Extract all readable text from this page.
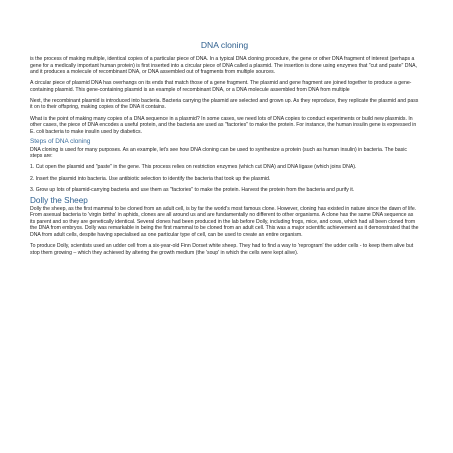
DNA cloning

is the process of making multiple, identical copies of a particular piece of DNA. In a typical DNA cloning procedure, the gene or other DNA fragment of interest (perhaps a gene for a medically important human protein) is first inserted into a circular piece of DNA called a plasmid. The insertion is done using enzymes that "cut and paste" DNA, and it produces a molecule of recombinant DNA, or DNA assembled out of fragments from multiple sources.

A circular piece of plasmid DNA has overhangs on its ends that match those of a gene fragment. The plasmid and gene fragment are joined together to produce a gene-containing plasmid. This gene-containing plasmid is an example of recombinant DNA, or a DNA molecule assembled from DNA from multiple

Next, the recombinant plasmid is introduced into bacteria. Bacteria carrying the plasmid are selected and grown up. As they reproduce, they replicate the plasmid and pass it on to their offspring, making copies of the DNA it contains.

What is the point of making many copies of a DNA sequence in a plasmid? In some cases, we need lots of DNA copies to conduct experiments or build new plasmids. In other cases, the piece of DNA encodes a useful protein, and the bacteria are used as "factories" to make the protein. For instance, the human insulin gene is expressed in E. coli bacteria to make insulin used by diabetics.

Steps of DNA cloning

DNA cloning is used for many purposes. As an example, let's see how DNA cloning can be used to synthesize a protein (such as human insulin) in bacteria. The basic steps are:

1. Cut open the plasmid and "paste" in the gene. This process relies on restriction enzymes (which cut DNA) and DNA ligase (which joins DNA).

2. Insert the plasmid into bacteria. Use antibiotic selection to identify the bacteria that took up the plasmid.

3. Grow up lots of plasmid-carrying bacteria and use them as "factories" to make the protein. Harvest the protein from the bacteria and purify it.

Dolly the Sheep

Dolly the sheep, as the first mammal to be cloned from an adult cell, is by far the world's most famous clone. However, cloning has existed in nature since the dawn of life. From asexual bacteria to 'virgin births' in aphids, clones are all around us and are fundamentally no different to other organisms. A clone has the same DNA sequence as its parent and so they are genetically identical. Several clones had been produced in the lab before Dolly, including frogs, mice, and cows, which had all been cloned from the DNA from embryos. Dolly was remarkable in being the first mammal to be cloned from an adult cell. This was a major scientific achievement as it demonstrated that the DNA from adult cells, despite having specialised as one particular type of cell, can be used to create an entire organism.

To produce Dolly, scientists used an udder cell from a six-year-old Finn Dorset white sheep. They had to find a way to 'reprogram' the udder cells - to keep them alive but stop them growing – which they achieved by altering the growth medium (the 'soup' in which the cells were kept alive).
